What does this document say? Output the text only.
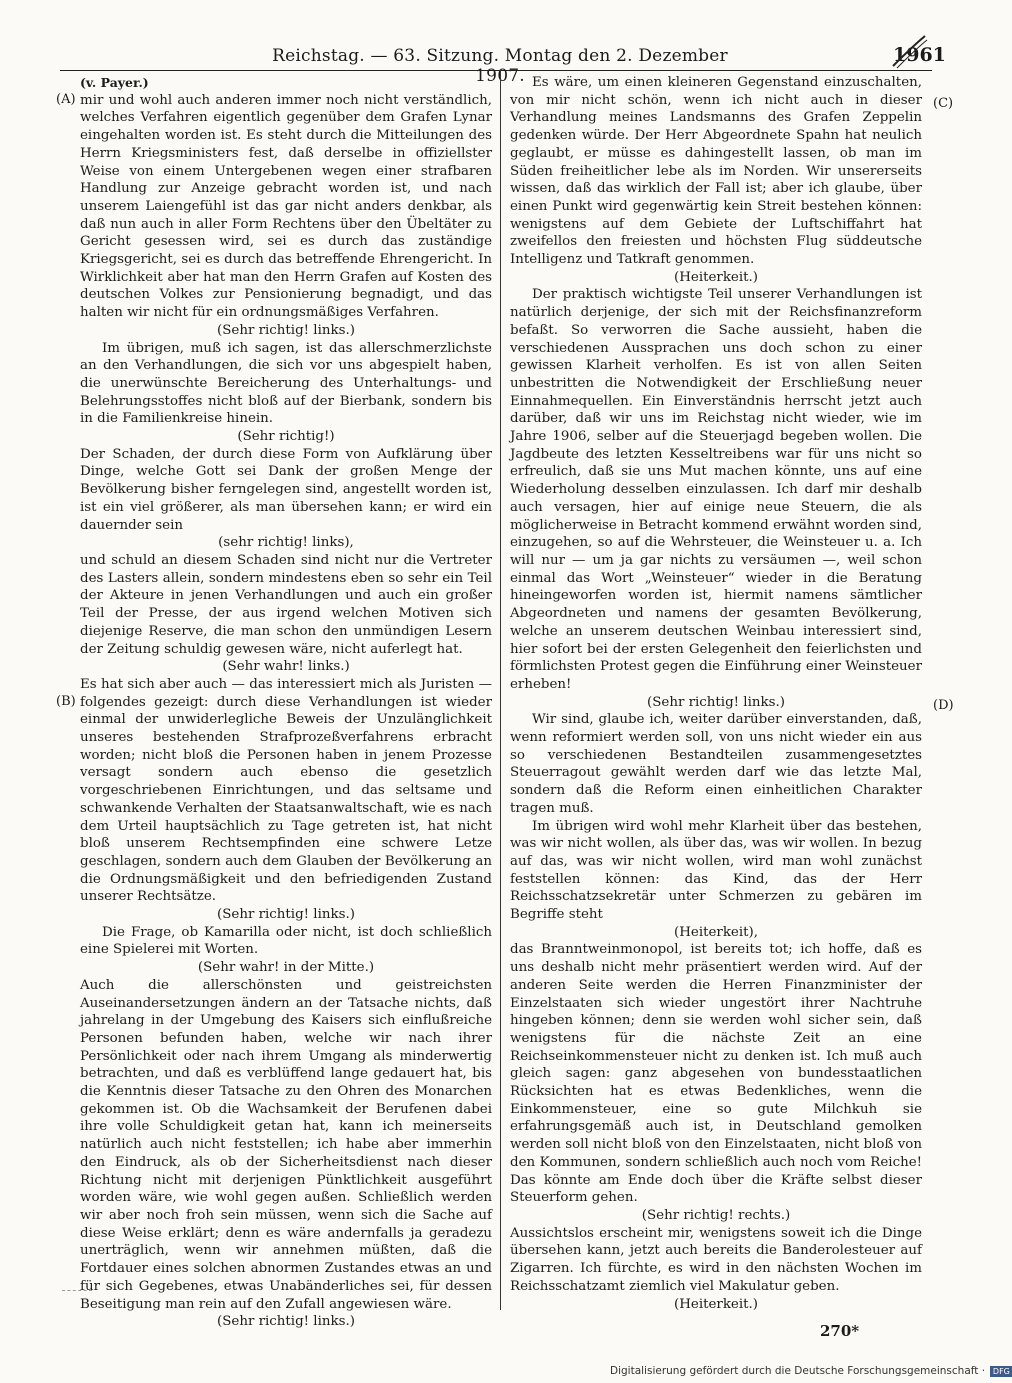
Reichstag. — 63. Sitzung. Montag den 2. Dezember 1907.
1961
(A)
(B)
(C)
(D)

(v. Payer.)

mir und wohl auch anderen immer noch nicht verständlich, welches Verfahren eigentlich gegenüber dem Grafen Lynar eingehalten worden ist. Es steht durch die Mitteilungen des Herrn Kriegsministers fest, daß derselbe in offiziellster Weise von einem Untergebenen wegen einer strafbaren Handlung zur Anzeige gebracht worden ist, und nach unserem Laiengefühl ist das gar nicht anders denkbar, als daß nun auch in aller Form Rechtens über den Übeltäter zu Gericht gesessen wird, sei es durch das zuständige Kriegsgericht, sei es durch das betreffende Ehrengericht. In Wirklichkeit aber hat man den Herrn Grafen auf Kosten des deutschen Volkes zur Pensionierung begnadigt, und das halten wir nicht für ein ordnungsmäßiges Verfahren.

(Sehr richtig! links.)

Im übrigen, muß ich sagen, ist das allerschmerzlichste an den Verhandlungen, die sich vor uns abgespielt haben, die unerwünschte Bereicherung des Unterhaltungs- und Belehrungsstoffes nicht bloß auf der Bierbank, sondern bis in die Familienkreise hinein.

(Sehr richtig!)

Der Schaden, der durch diese Form von Aufklärung über Dinge, welche Gott sei Dank der großen Menge der Bevölkerung bisher ferngelegen sind, angestellt worden ist, ist ein viel größerer, als man übersehen kann; er wird ein dauernder sein

(sehr richtig! links),

und schuld an diesem Schaden sind nicht nur die Vertreter des Lasters allein, sondern mindestens eben so sehr ein Teil der Akteure in jenen Verhandlungen und auch ein großer Teil der Presse, der aus irgend welchen Motiven sich diejenige Reserve, die man schon den unmündigen Lesern der Zeitung schuldig gewesen wäre, nicht auferlegt hat.

(Sehr wahr! links.)

Es hat sich aber auch — das interessiert mich als Juristen — folgendes gezeigt: durch diese Verhandlungen ist wieder einmal der unwiderlegliche Beweis der Unzulänglichkeit unseres bestehenden Strafprozeßverfahrens erbracht worden; nicht bloß die Personen haben in jenem Prozesse versagt sondern auch ebenso die gesetzlich vorgeschriebenen Einrichtungen, und das seltsame und schwankende Verhalten der Staatsanwaltschaft, wie es nach dem Urteil hauptsächlich zu Tage getreten ist, hat nicht bloß unserem Rechtsempfinden eine schwere Letze geschlagen, sondern auch dem Glauben der Bevölkerung an die Ordnungsmäßigkeit und den befriedigenden Zustand unserer Rechtsätze.

(Sehr richtig! links.)

Die Frage, ob Kamarilla oder nicht, ist doch schließlich eine Spielerei mit Worten.

(Sehr wahr! in der Mitte.)

Auch die allerschönsten und geistreichsten Auseinandersetzungen ändern an der Tatsache nichts, daß jahrelang in der Umgebung des Kaisers sich einflußreiche Personen befunden haben, welche wir nach ihrer Persönlichkeit oder nach ihrem Umgang als minderwertig betrachten, und daß es verblüffend lange gedauert hat, bis die Kenntnis dieser Tatsache zu den Ohren des Monarchen gekommen ist. Ob die Wachsamkeit der Berufenen dabei ihre volle Schuldigkeit getan hat, kann ich meinerseits natürlich auch nicht feststellen; ich habe aber immerhin den Eindruck, als ob der Sicherheitsdienst nach dieser Richtung nicht mit derjenigen Pünktlichkeit ausgeführt worden wäre, wie wohl gegen außen. Schließlich werden wir aber noch froh sein müssen, wenn sich die Sache auf diese Weise erklärt; denn es wäre andernfalls ja geradezu unerträglich, wenn wir annehmen müßten, daß die Fortdauer eines solchen abnormen Zustandes etwas an und für sich Gegebenes, etwas Unabänderliches sei, für dessen Beseitigung man rein auf den Zufall angewiesen wäre.

(Sehr richtig! links.)

Es wäre, um einen kleineren Gegenstand einzuschalten, von mir nicht schön, wenn ich nicht auch in dieser Verhandlung meines Landsmanns des Grafen Zeppelin gedenken würde. Der Herr Abgeordnete Spahn hat neulich geglaubt, er müsse es dahingestellt lassen, ob man im Süden freiheitlicher lebe als im Norden. Wir unsererseits wissen, daß das wirklich der Fall ist; aber ich glaube, über einen Punkt wird gegenwärtig kein Streit bestehen können: wenigstens auf dem Gebiete der Luftschiffahrt hat zweifellos den freiesten und höchsten Flug süddeutsche Intelligenz und Tatkraft genommen.

(Heiterkeit.)

Der praktisch wichtigste Teil unserer Verhandlungen ist natürlich derjenige, der sich mit der Reichsfinanzreform befaßt. So verworren die Sache aussieht, haben die verschiedenen Aussprachen uns doch schon zu einer gewissen Klarheit verholfen. Es ist von allen Seiten unbestritten die Notwendigkeit der Erschließung neuer Einnahmequellen. Ein Einverständnis herrscht jetzt auch darüber, daß wir uns im Reichstag nicht wieder, wie im Jahre 1906, selber auf die Steuerjagd begeben wollen. Die Jagdbeute des letzten Kesseltreibens war für uns nicht so erfreulich, daß sie uns Mut machen könnte, uns auf eine Wiederholung desselben einzulassen. Ich darf mir deshalb auch versagen, hier auf einige neue Steuern, die als möglicherweise in Betracht kommend erwähnt worden sind, einzugehen, so auf die Wehrsteuer, die Weinsteuer u. a. Ich will nur — um ja gar nichts zu versäumen —, weil schon einmal das Wort „Weinsteuer“ wieder in die Beratung hineingeworfen worden ist, hiermit namens sämtlicher Abgeordneten und namens der gesamten Bevölkerung, welche an unserem deutschen Weinbau interessiert sind, hier sofort bei der ersten Gelegenheit den feierlichsten und förmlichsten Protest gegen die Einführung einer Weinsteuer erheben!

(Sehr richtig! links.)

Wir sind, glaube ich, weiter darüber einverstanden, daß, wenn reformiert werden soll, von uns nicht wieder ein aus so verschiedenen Bestandteilen zusammengesetztes Steuerragout gewählt werden darf wie das letzte Mal, sondern daß die Reform einen einheitlichen Charakter tragen muß.

Im übrigen wird wohl mehr Klarheit über das bestehen, was wir nicht wollen, als über das, was wir wollen. In bezug auf das, was wir nicht wollen, wird man wohl zunächst feststellen können: das Kind, das der Herr Reichsschatzsekretär unter Schmerzen zu gebären im Begriffe steht

(Heiterkeit),

das Branntweinmonopol, ist bereits tot; ich hoffe, daß es uns deshalb nicht mehr präsentiert werden wird. Auf der anderen Seite werden die Herren Finanzminister der Einzelstaaten sich wieder ungestört ihrer Nachtruhe hingeben können; denn sie werden wohl sicher sein, daß wenigstens für die nächste Zeit an eine Reichseinkommensteuer nicht zu denken ist. Ich muß auch gleich sagen: ganz abgesehen von bundesstaatlichen Rücksichten hat es etwas Bedenkliches, wenn die Einkommensteuer, eine so gute Milchkuh sie erfahrungsgemäß auch ist, in Deutschland gemolken werden soll nicht bloß von den Einzelstaaten, nicht bloß von den Kommunen, sondern schließlich auch noch vom Reiche! Das könnte am Ende doch über die Kräfte selbst dieser Steuerform gehen.

(Sehr richtig! rechts.)

Aussichtslos erscheint mir, wenigstens soweit ich die Dinge übersehen kann, jetzt auch bereits die Banderolesteuer auf Zigarren. Ich fürchte, es wird in den nächsten Wochen im Reichsschatzamt ziemlich viel Makulatur geben.

(Heiterkeit.)

270*
Digitalisierung gefördert durch die Deutsche Forschungsgemeinschaft · DFG
